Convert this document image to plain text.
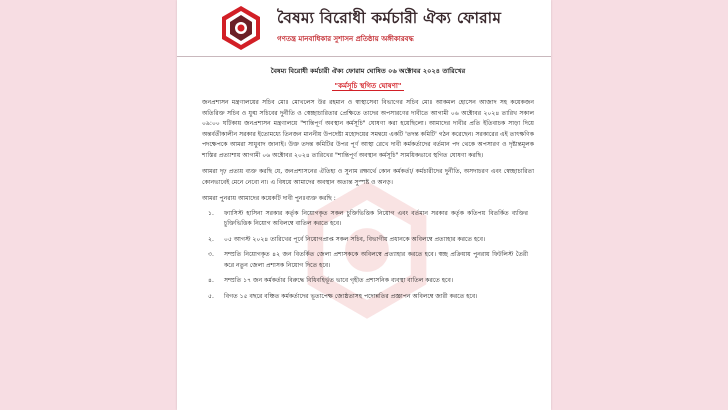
বৈষম্য বিরোধী কর্মচারী ঐক্য ফোরাম
গণতন্ত্র মানবাধিকার সুশাসন প্রতিষ্ঠায় অঙ্গীকারবদ্ধ
বৈষম্য বিরোধী কর্মচারী ঐক্য ফোরাম ঘোষিত ০৬ অক্টোবর ২০২৪ তারিখের
"কর্মসূচি স্থগিত ঘোষণা"

জনপ্রশাসন মন্ত্রণালয়ের সচিব মোঃ মোখলেস উর রহমান ও স্বাস্থ্যসেবা বিভাগের সচিব মোঃ আকমল হোসেন আজাদ সহ কয়েকজন অতিরিক্ত সচিব ও যুগ্ম সচিবের দুর্নীতি ও স্বেচ্ছাচারিতার প্রেক্ষিতে তাদের অপসারণের দাবীতে আগামী ০৬ অক্টোবর ২০২৪ তারিখ সকাল ০৯:০০ ঘটিকায় জনপ্রশাসন মন্ত্রণালয়ে "শান্তিপূর্ণ অবস্থান কর্মসূচি" ঘোষণা করা হয়েছিলো। আমাদের দাবীর প্রতি ইতিবাচক সাড়া দিয়ে অন্তর্বর্তীকালীন সরকার ইতোমধ্যে তিনজন মাননীয় উপদেষ্টা মহোদয়ের সমন্বয়ে একটি 'তদন্ত কমিটি' গঠন করেছেন। সরকারের এই তাৎক্ষণিক পদক্ষেপকে আমরা সাধুবাদ জানাই। উক্ত তদন্ত কমিটির উপর পূর্ণ আস্থা রেখে দাবী কর্মকর্তাদের বর্তমান পদ থেকে অপসারণ ও দৃষ্টান্তমূলক শাস্তির প্রত্যাশায় আগামী ০৬ অক্টোবর ২০২৪ তারিখের "শান্তিপূর্ণ অবস্থান কর্মসূচি" সাময়িকভাবে স্থগিত ঘোষণা করছি।

আমরা দৃঢ় প্রত্যয় ব্যক্ত করছি যে, জনপ্রশাসনের ঐতিহ্য ও সুনাম রক্ষার্থে কোন কর্মকর্তা/ কর্মচারীদের দুর্নীতি, অসদাচরণ এবং স্বেচ্ছাচারিতা কোনভাবেই মেনে নেবো না। এ বিষয়ে আমাদের অবস্থান অত্যন্ত সুস্পষ্ট ও অনড়।

আমরা পুনরায় আমাদের কয়েকটি দাবী পুনঃব্যক্ত করছি :
১.	ফ্যাসিস্ট হাসিনা সরকার কর্তৃক নিয়োগকৃত সকল চুক্তিভিত্তিক নিয়োগ এবং বর্তমান সরকার কর্তৃক কতিপয় বিতর্কিত ব্যক্তির চুক্তিভিত্তিক নিয়োগ অবিলম্বে বাতিল করতে হবে।
২.	০৫ আগস্ট ২০২৪ তারিখের পূর্বে নিয়োগপ্রাপ্ত সকল সচিব, বিভাগীয় প্রধানকে অবিলম্বে প্রত্যাহার করতে হবে।
৩.	সম্প্রতি নিয়োগকৃত ৪২ জন বিতর্কিত জেলা প্রশাসককে অবিলম্বে প্রত্যাহার করতে হবে। স্বচ্ছ প্রক্রিয়ায় পুনরায় ফিটলিস্ট তৈরী করে নতুন জেলা প্রশাসক নিয়োগ দিতে হবে।
৪.	সম্প্রতি ১৭ জন কর্মকর্তার বিরুদ্ধে বিধিবহির্ভূত ভাবে গৃহীত প্রশাসনিক ব্যবস্থা বাতিল করতে হবে।
৫.	বিগত ১৫ বছরে বঞ্চিত কর্মকর্তাদের ভূতাপেক্ষ জ্যেষ্ঠতাসহ পদোন্নতির প্রজ্ঞাপন অবিলম্বে জারী করতে হবে।
